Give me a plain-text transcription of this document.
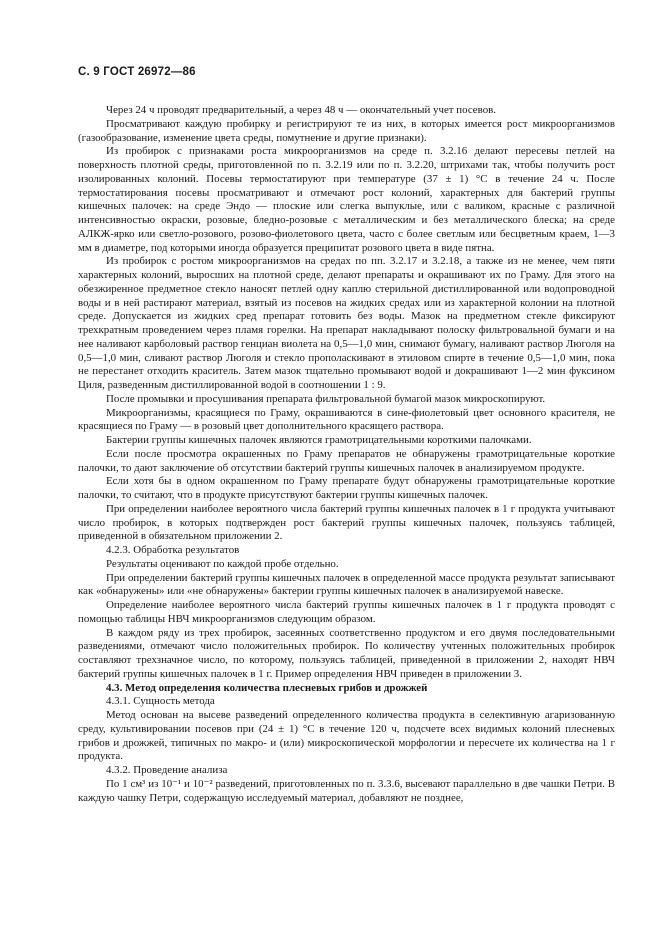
С. 9 ГОСТ 26972—86

Через 24 ч проводят предварительный, а через 48 ч — окончательный учет посевов.

Просматривают каждую пробирку и регистрируют те из них, в которых имеется рост микроорганизмов (газообразование, изменение цвета среды, помутнение и другие признаки).

Из пробирок с признаками роста микроорганизмов на среде п. 3.2.16 делают пересевы петлей на поверхность плотной среды, приготовленной по п. 3.2.19 или по п. 3.2.20, штрихами так, чтобы получить рост изолированных колоний. Посевы термостатируют при температуре (37 ± 1) °С в течение 24 ч. После термостатирования посевы просматривают и отмечают рост колоний, характерных для бактерий группы кишечных палочек: на среде Эндо — плоские или слегка выпуклые, или с валиком, красные с различной интенсивностью окраски, розовые, бледно-розовые с металлическим и без металлического блеска; на среде АЛКЖ-ярко или светло-розового, розово-фиолетового цвета, часто с более светлым или бесцветным краем, 1—3 мм в диаметре, под которыми иногда образуется преципитат розового цвета в виде пятна.

Из пробирок с ростом микроорганизмов на средах по пп. 3.2.17 и 3.2.18, а также из не менее, чем пяти характерных колоний, выросших на плотной среде, делают препараты и окрашивают их по Граму. Для этого на обезжиренное предметное стекло наносят петлей одну каплю стерильной дистиллированной или водопроводной воды и в ней растирают материал, взятый из посевов на жидких средах или из характерной колонии на плотной среде. Допускается из жидких сред препарат готовить без воды. Мазок на предметном стекле фиксируют трехкратным проведением через пламя горелки. На препарат накладывают полоску фильтровальной бумаги и на нее наливают карболовый раствор генциан виолета на 0,5—1,0 мин, снимают бумагу, наливают раствор Люголя на 0,5—1,0 мин, сливают раствор Люголя и стекло прополаскивают в этиловом спирте в течение 0,5—1,0 мин, пока не перестанет отходить краситель. Затем мазок тщательно промывают водой и докрашивают 1—2 мин фуксином Циля, разведенным дистиллированной водой в соотношении 1 : 9.

После промывки и просушивания препарата фильтровальной бумагой мазок микроскопируют.

Микроорганизмы, красящиеся по Граму, окрашиваются в сине-фиолетовый цвет основного красителя, не красящиеся по Граму — в розовый цвет дополнительного красящего раствора.

Бактерии группы кишечных палочек являются грамотрицательными короткими палочками.

Если после просмотра окрашенных по Граму препаратов не обнаружены грамотрицательные короткие палочки, то дают заключение об отсутствии бактерий группы кишечных палочек в анализируемом продукте.

Если хотя бы в одном окрашенном по Граму препарате будут обнаружены грамотрицательные короткие палочки, то считают, что в продукте присутствуют бактерии группы кишечных палочек.

При определении наиболее вероятного числа бактерий группы кишечных палочек в 1 г продукта учитывают число пробирок, в которых подтвержден рост бактерий группы кишечных палочек, пользуясь таблицей, приведенной в обязательном приложении 2.

4.2.3. Обработка результатов

Результаты оценивают по каждой пробе отдельно.

При определении бактерий группы кишечных палочек в определенной массе продукта результат записывают как «обнаружены» или «не обнаружены» бактерии группы кишечных палочек в анализируемой навеске.

Определение наиболее вероятного числа бактерий группы кишечных палочек в 1 г продукта проводят с помощью таблицы НВЧ микроорганизмов следующим образом.

В каждом ряду из трех пробирок, засеянных соответственно продуктом и его двумя последовательными разведениями, отмечают число положительных пробирок. По количеству учтенных положительных пробирок составляют трехзначное число, по которому, пользуясь таблицей, приведенной в приложении 2, находят НВЧ бактерий группы кишечных палочек в 1 г. Пример определения НВЧ приведен в приложении 3.

4.3. Метод определения количества плесневых грибов и дрожжей

4.3.1. Сущность метода

Метод основан на высеве разведений определенного количества продукта в селективную агаризованную среду, культивировании посевов при (24 ± 1) °С в течение 120 ч, подсчете всех видимых колоний плесневых грибов и дрожжей, типичных по макро- и (или) микроскопической морфологии и пересчете их количества на 1 г продукта.

4.3.2. Проведение анализа

По 1 см³ из 10⁻¹ и 10⁻² разведений, приготовленных по п. 3.3.6, высевают параллельно в две чашки Петри. В каждую чашку Петри, содержащую исследуемый материал, добавляют не позднее,
